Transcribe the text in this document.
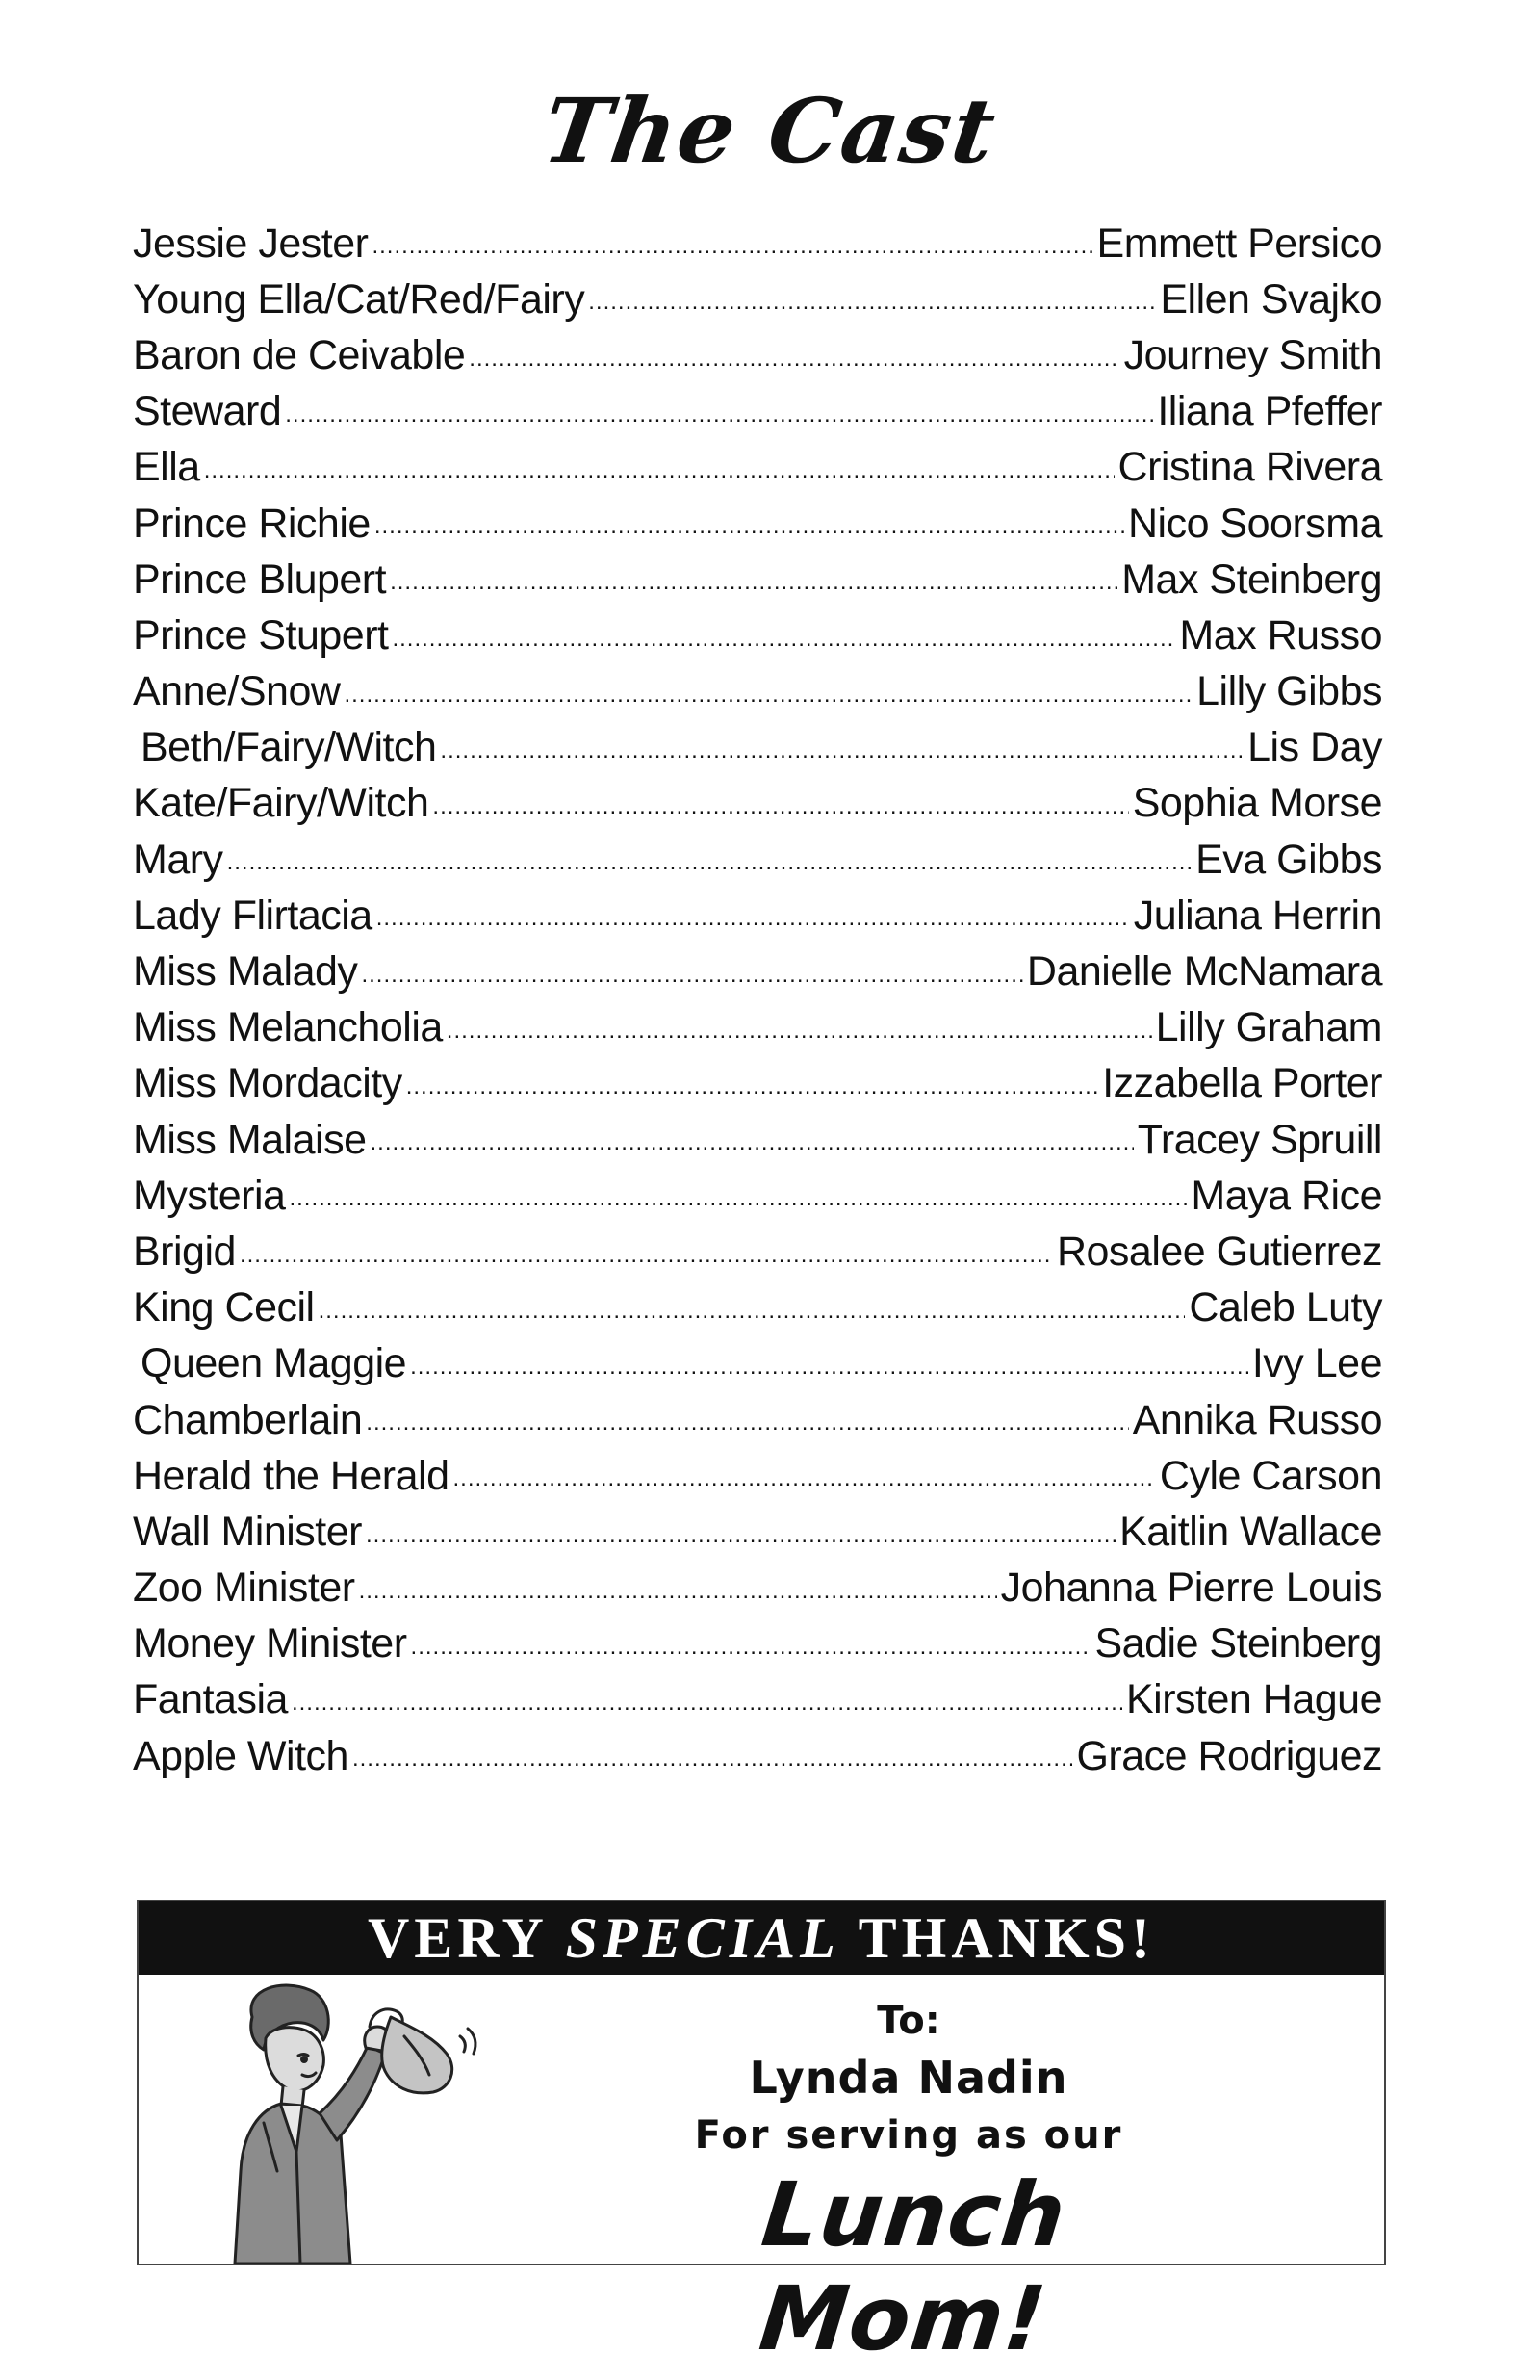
The Cast
Jessie Jester .....	Emmett Persico
Young Ella/Cat/Red/Fairy .....	Ellen Svajko
Baron de Ceivable .....	Journey Smith
Steward .....	Iliana Pfeffer
Ella .....	Cristina Rivera
Prince Richie .....	Nico Soorsma
Prince Blupert .....	Max Steinberg
Prince Stupert .....	Max Russo
Anne/Snow .....	Lilly Gibbs
Beth/Fairy/Witch .....	Lis Day
Kate/Fairy/Witch .....	Sophia Morse
Mary .....	Eva Gibbs
Lady Flirtacia .....	Juliana Herrin
Miss Malady .....	Danielle McNamara
Miss Melancholia .....	Lilly Graham
Miss Mordacity .....	Izzabella Porter
Miss Malaise .....	Tracey Spruill
Mysteria .....	Maya Rice
Brigid .....	Rosalee Gutierrez
King Cecil .....	Caleb Luty
Queen Maggie .....	Ivy Lee
Chamberlain .....	Annika Russo
Herald the Herald .....	Cyle Carson
Wall Minister .....	Kaitlin Wallace
Zoo Minister .....	Johanna Pierre Louis
Money Minister .....	Sadie Steinberg
Fantasia .....	Kirsten Hague
Apple Witch .....	Grace Rodriguez
VERY SPECIAL THANKS!
To:
Lynda Nadin
For serving as our
Lunch Mom!
